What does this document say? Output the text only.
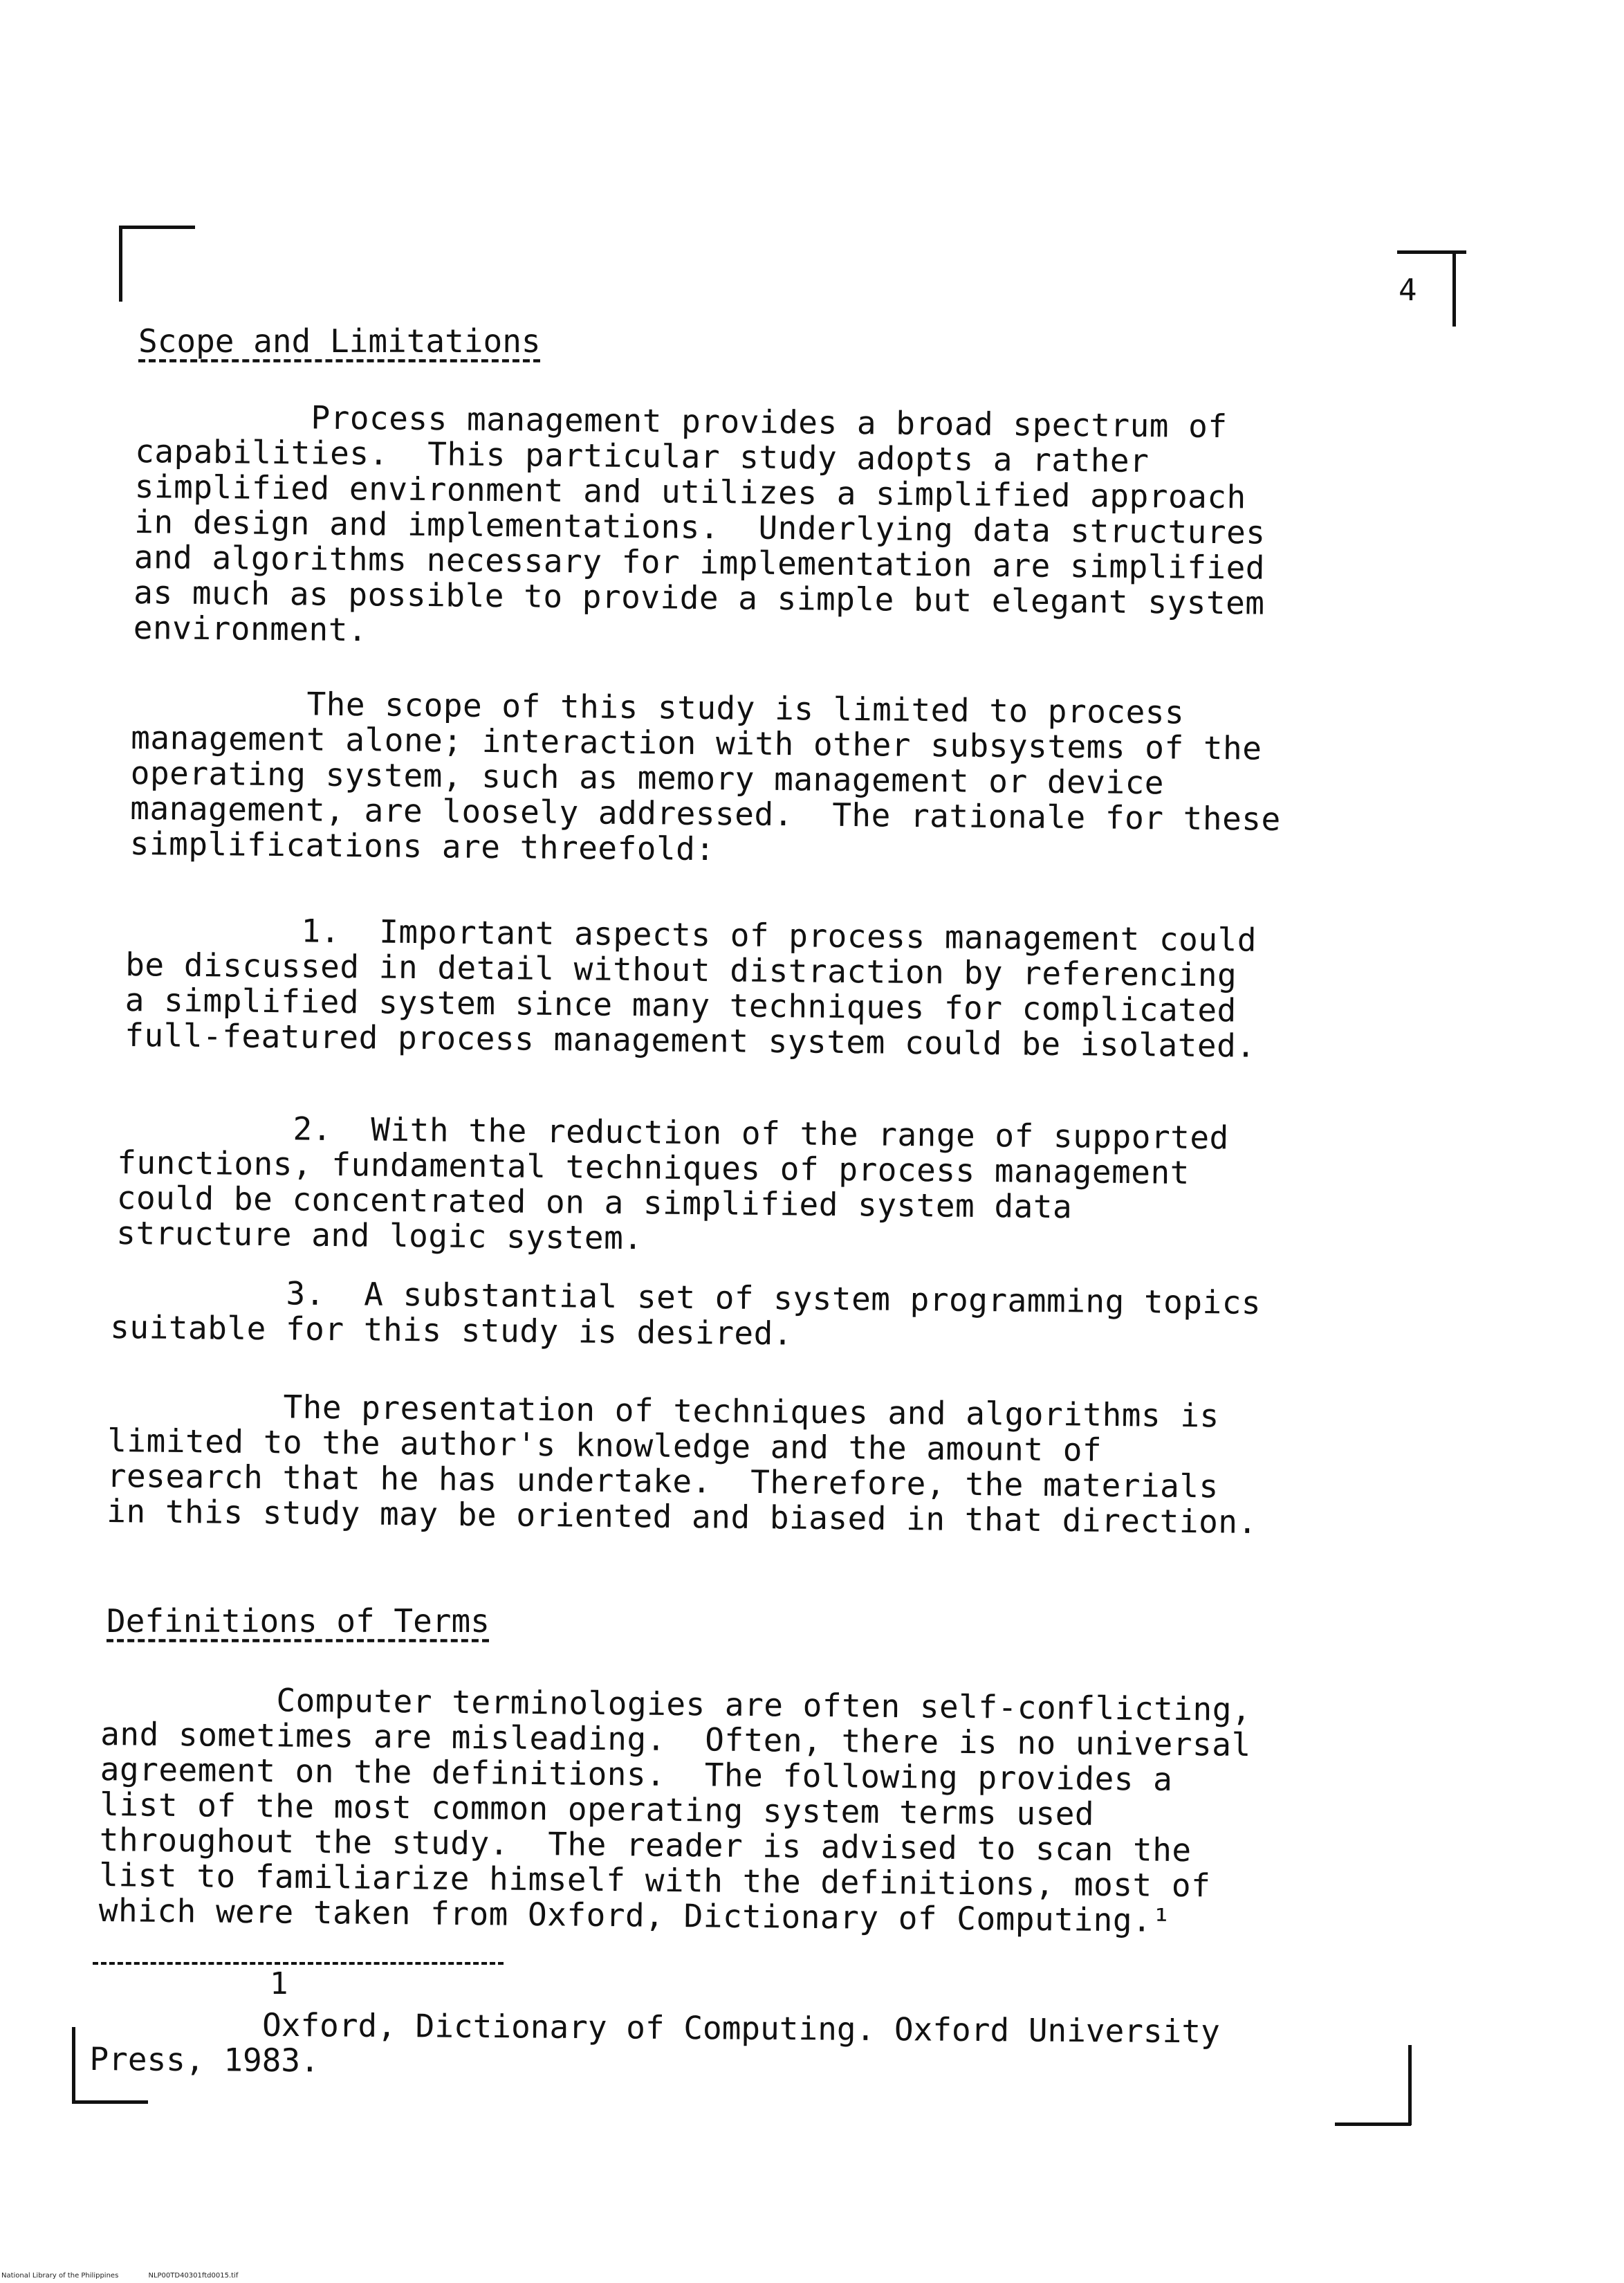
4
Scope and Limitations
Process management provides a broad spectrum of
capabilities.  This particular study adopts a rather
simplified environment and utilizes a simplified approach
in design and implementations.  Underlying data structures
and algorithms necessary for implementation are simplified
as much as possible to provide a simple but elegant system
environment.
The scope of this study is limited to process
management alone; interaction with other subsystems of the
operating system, such as memory management or device
management, are loosely addressed.  The rationale for these
simplifications are threefold:
1.  Important aspects of process management could
be discussed in detail without distraction by referencing
a simplified system since many techniques for complicated
full-featured process management system could be isolated.
2.  With the reduction of the range of supported
functions, fundamental techniques of process management
could be concentrated on a simplified system data
structure and logic system.
3.  A substantial set of system programming topics
suitable for this study is desired.
The presentation of techniques and algorithms is
limited to the author's knowledge and the amount of
research that he has undertake.  Therefore, the materials
in this study may be oriented and biased in that direction.
Definitions of Terms
Computer terminologies are often self-conflicting,
and sometimes are misleading.  Often, there is no universal
agreement on the definitions.  The following provides a
list of the most common operating system terms used
throughout the study.  The reader is advised to scan the
list to familiarize himself with the definitions, most of
which were taken from Oxford, Dictionary of Computing.¹
1
Oxford, Dictionary of Computing. Oxford University
Press, 1983.
National Library of the Philippines	NLP00TD40301ftd0015.tif
